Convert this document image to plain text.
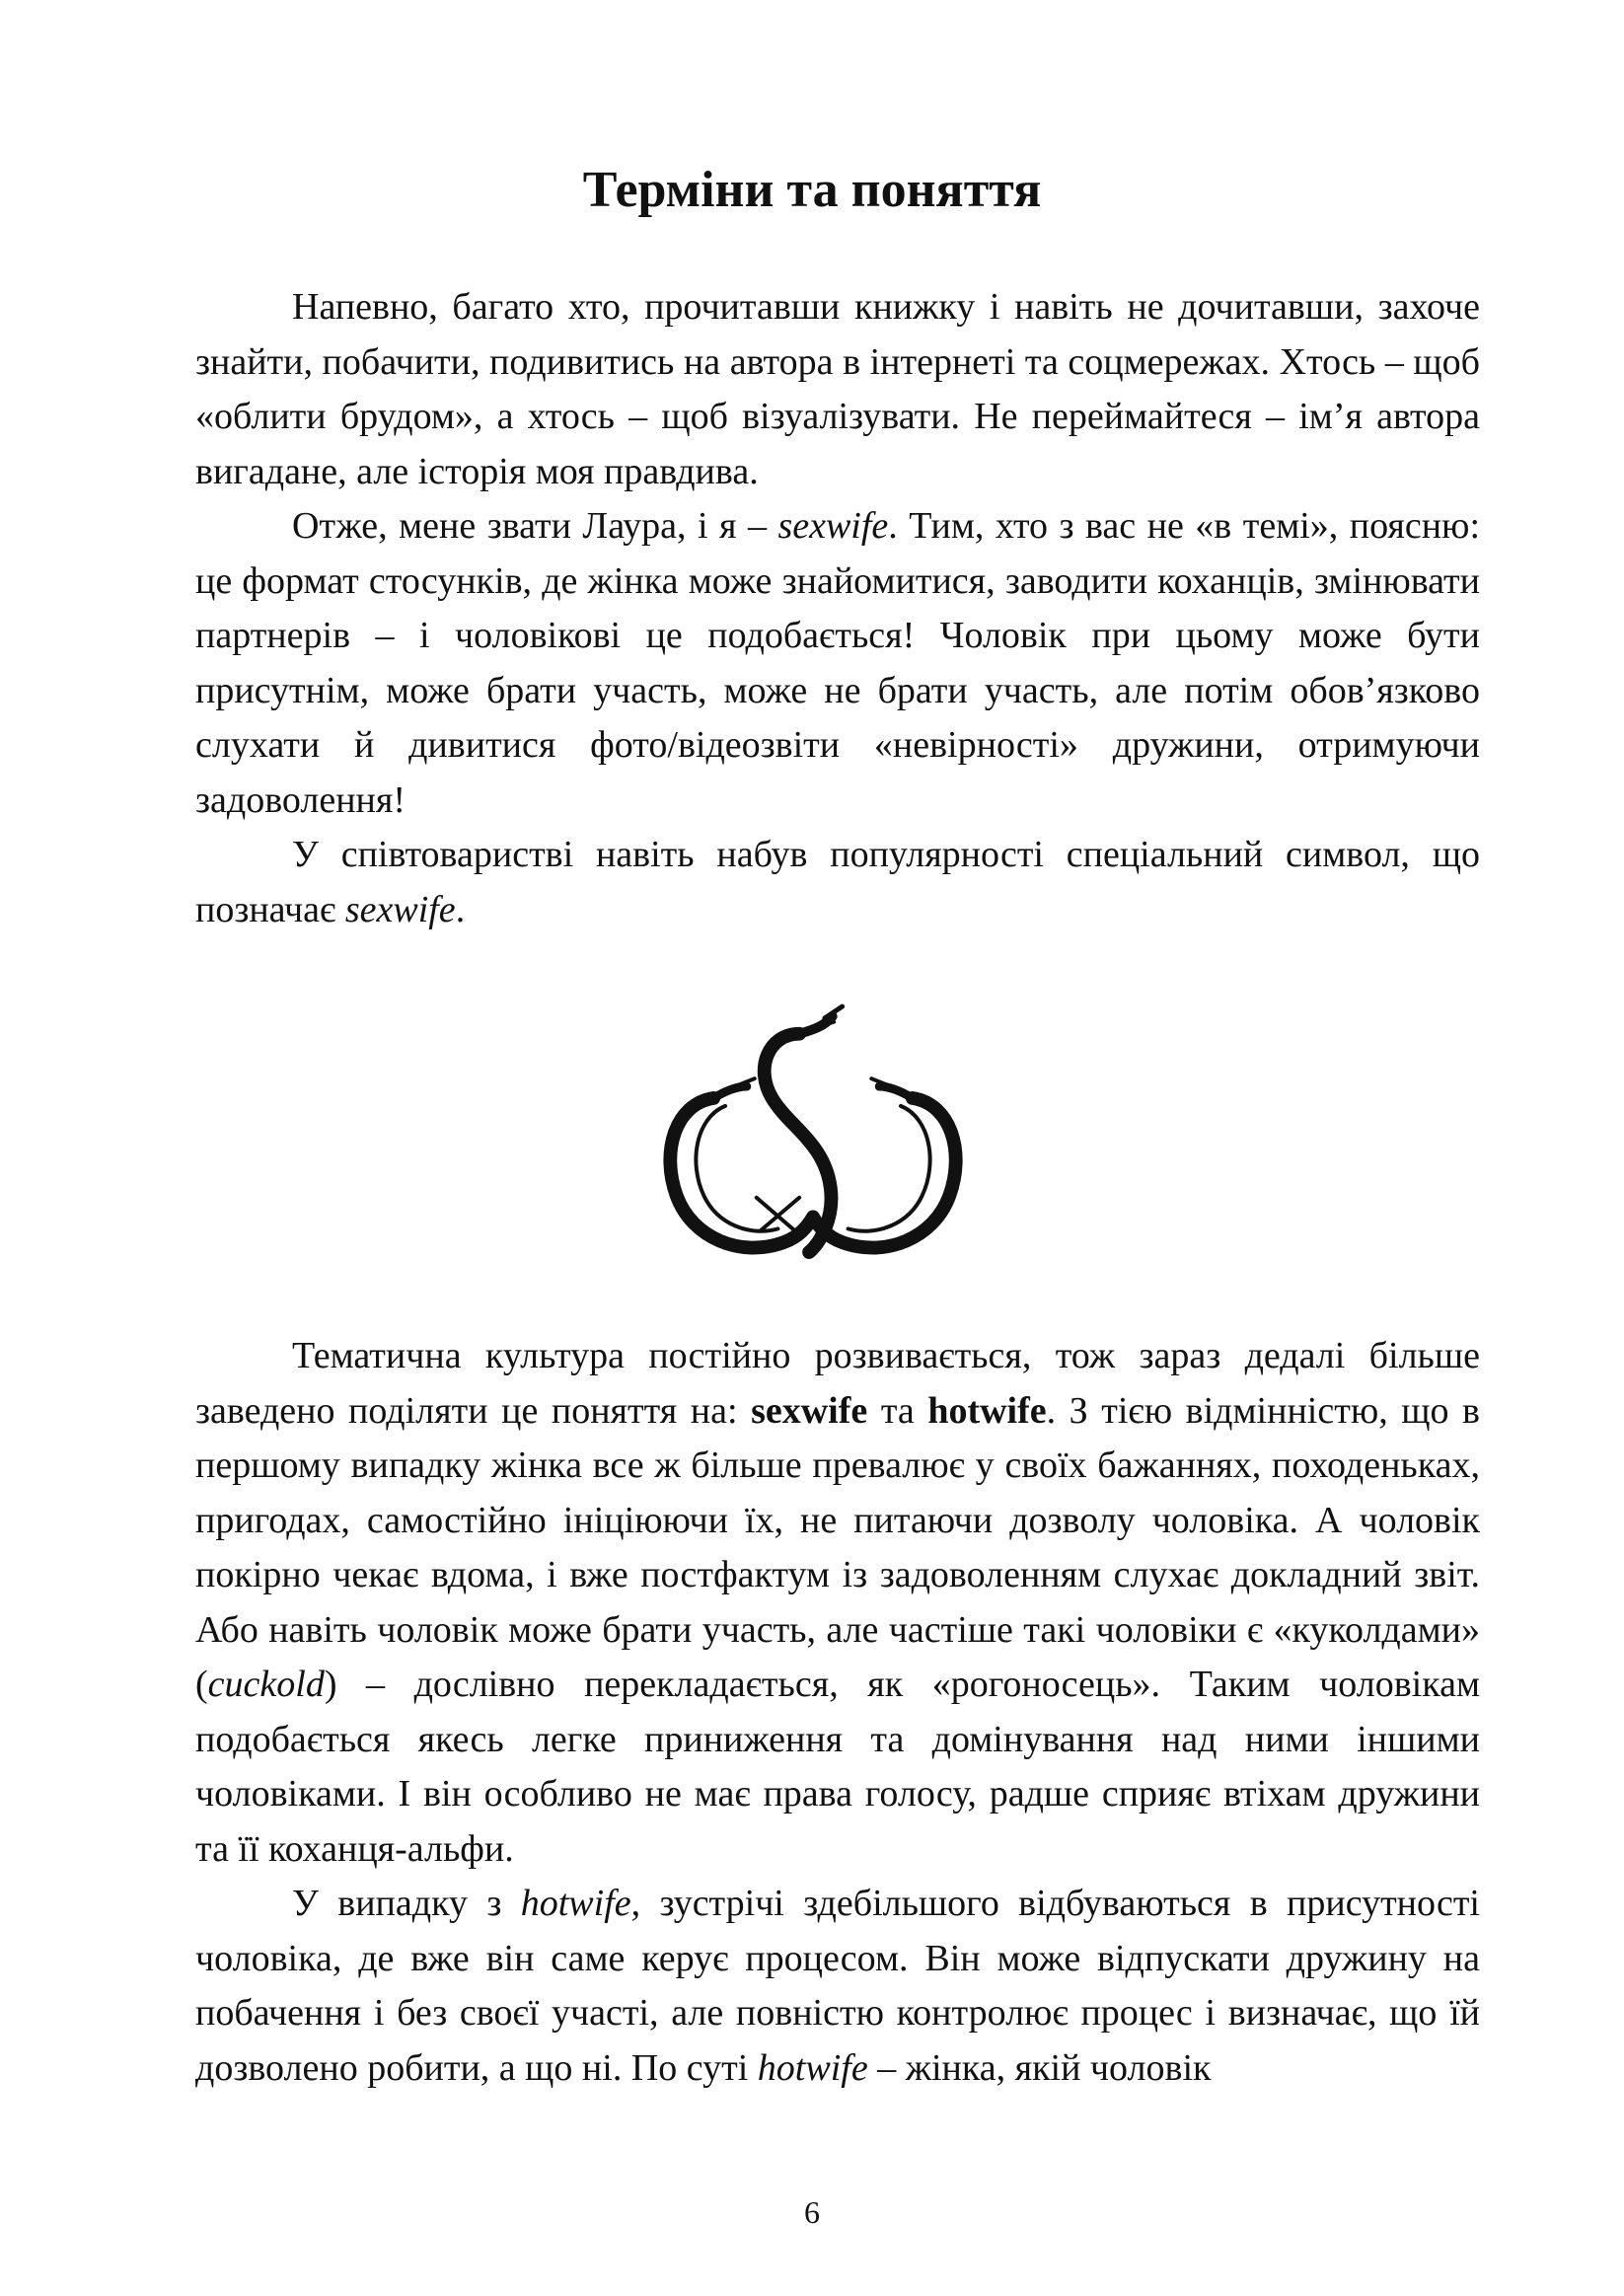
Терміни та поняття

Напевно, багато хто, прочитавши книжку і навіть не дочитавши, захоче знайти, побачити, подивитись на автора в інтернеті та соцмережах. Хтось – щоб «облити брудом», а хтось – щоб візуалізувати. Не переймайтеся – ім’я автора вигадане, але історія моя правдива.

Отже, мене звати Лаура, і я – sexwife. Тим, хто з вас не «в темі», поясню: це формат стосунків, де жінка може знайомитися, заводити коханців, змінювати партнерів – і чоловікові це подобається! Чоловік при цьому може бути присутнім, може брати участь, може не брати участь, але потім обов’язково слухати й дивитися фото/відеозвіти «невірності» дружини, отримуючи задоволення!

У співтоваристві навіть набув популярності спеціальний символ, що позначає sexwife.

Тематична культура постійно розвивається, тож зараз дедалі більше заведено поділяти це поняття на: sexwife та hotwife. З тією відмінністю, що в першому випадку жінка все ж більше превалює у своїх бажаннях, походеньках, пригодах, самостійно ініціюючи їх, не питаючи дозволу чоловіка. А чоловік покірно чекає вдома, і вже постфактум із задоволенням слухає докладний звіт. Або навіть чоловік може брати участь, але частіше такі чоловіки є «куколдами» (cuckold) – дослівно перекладається, як «рогоносець». Таким чоловікам подобається якесь легке приниження та домінування над ними іншими чоловіками. І він особливо не має права голосу, радше сприяє втіхам дружини та її коханця-альфи.

У випадку з hotwife, зустрічі здебільшого відбуваються в присутності чоловіка, де вже він саме керує процесом. Він може відпускати дружину на побачення і без своєї участі, але повністю контролює процес і визначає, що їй дозволено робити, а що ні. По суті hotwife – жінка, якій чоловік

6
